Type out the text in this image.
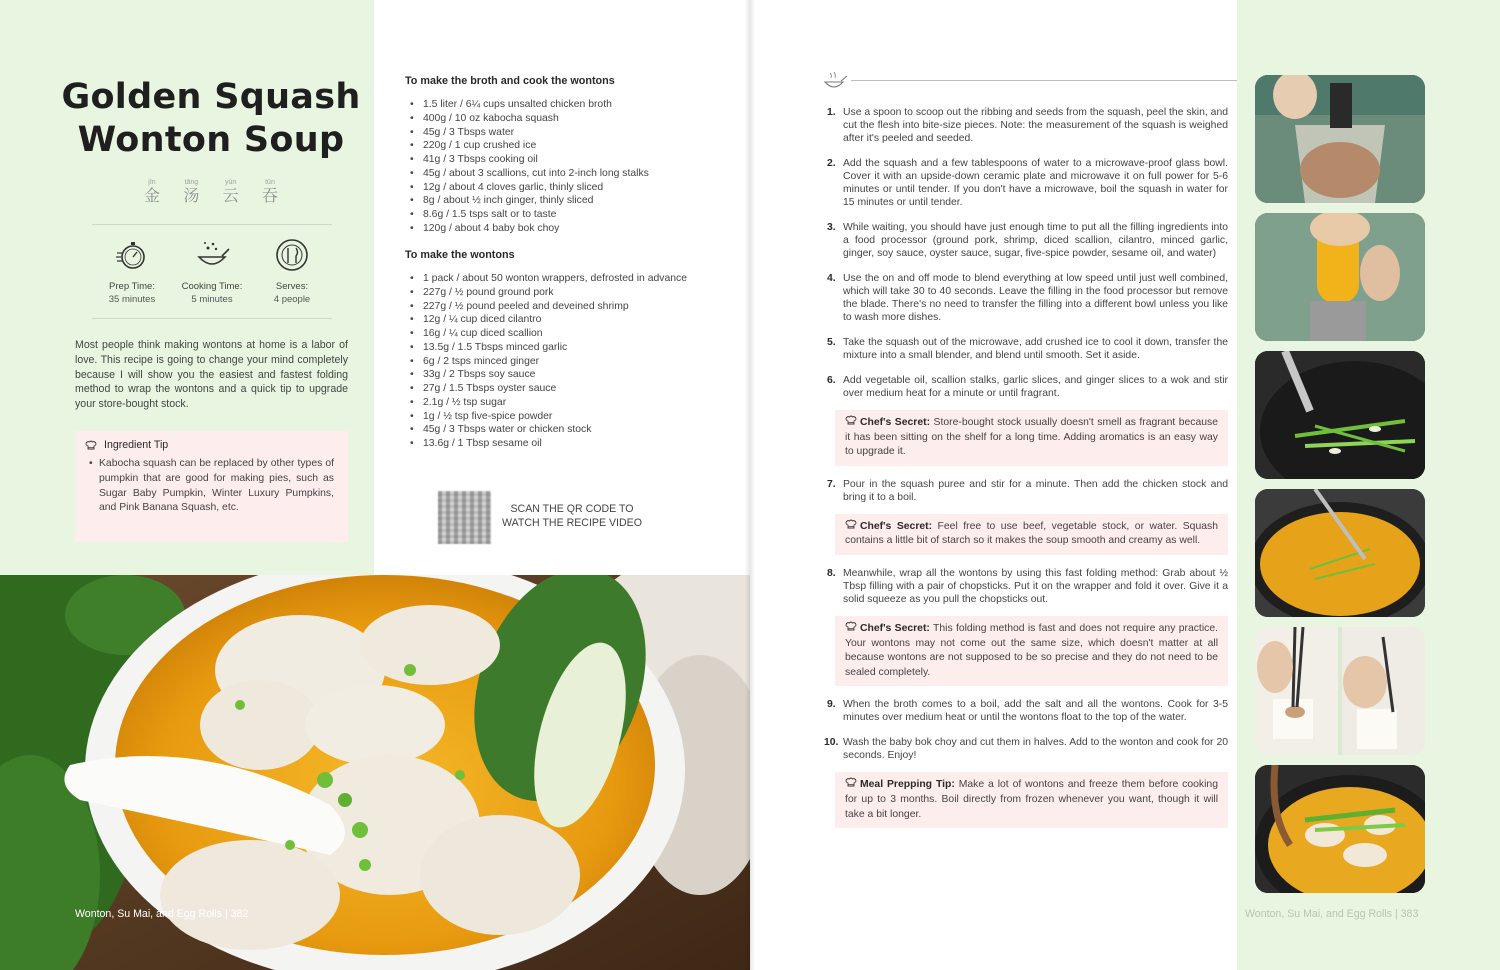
Golden Squash
Wonton Soup
jīn
金
tāng
汤
yún
云
tūn
吞
Prep Time:
35 minutes
Cooking Time:
5 minutes
Serves:
4 people

Most people think making wontons at home is a labor of love. This recipe is going to change your mind completely because I will show you the easiest and fastest folding method to wrap the wontons and a quick tip to upgrade your store-bought stock.

Ingredient Tip
• Kabocha squash can be replaced by other types of pumpkin that are good for making pies, such as Sugar Baby Pumpkin, Winter Luxury Pumpkins, and Pink Banana Squash, etc.
To make the broth and cook the wontons
• 1.5 liter / 6¼ cups unsalted chicken broth
• 400g / 10 oz kabocha squash
• 45g / 3 Tbsps water
• 220g / 1 cup crushed ice
• 41g / 3 Tbsps cooking oil
• 45g / about 3 scallions, cut into 2-inch long stalks
• 12g / about 4 cloves garlic, thinly sliced
• 8g / about ½ inch ginger, thinly sliced
• 8.6g / 1.5 tsps salt or to taste
• 120g / about 4 baby bok choy
To make the wontons
• 1 pack / about 50 wonton wrappers, defrosted in advance
• 227g / ½ pound ground pork
• 227g / ½ pound peeled and deveined shrimp
• 12g / ¼ cup diced cilantro
• 16g / ¼ cup diced scallion
• 13.5g / 1.5 Tbsps minced garlic
• 6g / 2 tsps minced ginger
• 33g / 2 Tbsps soy sauce
• 27g / 1.5 Tbsps oyster sauce
• 2.1g / ½ tsp sugar
• 1g / ½ tsp five-spice powder
• 45g / 3 Tbsps water or chicken stock
• 13.6g / 1 Tbsp sesame oil
SCAN THE QR CODE TO
WATCH THE RECIPE VIDEO
Wonton, Su Mai, and Egg Rolls | 382
1. Use a spoon to scoop out the ribbing and seeds from the squash, peel the skin, and cut the flesh into bite-size pieces. Note: the measurement of the squash is weighed after it's peeled and seeded.
2. Add the squash and a few tablespoons of water to a microwave-proof glass bowl. Cover it with an upside-down ceramic plate and microwave it on full power for 5-6 minutes or until tender. If you don't have a microwave, boil the squash in water for 15 minutes or until tender.
3. While waiting, you should have just enough time to put all the filling ingredients into a food processor (ground pork, shrimp, diced scallion, cilantro, minced garlic, ginger, soy sauce, oyster sauce, sugar, five-spice powder, sesame oil, and water)
4. Use the on and off mode to blend everything at low speed until just well combined, which will take 30 to 40 seconds. Leave the filling in the food processor but remove the blade. There's no need to transfer the filling into a different bowl unless you like to wash more dishes.
5. Take the squash out of the microwave, add crushed ice to cool it down, transfer the mixture into a small blender, and blend until smooth. Set it aside.
6. Add vegetable oil, scallion stalks, garlic slices, and ginger slices to a wok and stir over medium heat for a minute or until fragrant.
Chef's Secret: Store-bought stock usually doesn't smell as fragrant because it has been sitting on the shelf for a long time. Adding aromatics is an easy way to upgrade it.
7. Pour in the squash puree and stir for a minute. Then add the chicken stock and bring it to a boil.
Chef's Secret: Feel free to use beef, vegetable stock, or water. Squash contains a little bit of starch so it makes the soup smooth and creamy as well.
8. Meanwhile, wrap all the wontons by using this fast folding method: Grab about ½ Tbsp filling with a pair of chopsticks. Put it on the wrapper and fold it over. Give it a solid squeeze as you pull the chopsticks out.
Chef's Secret: This folding method is fast and does not require any practice. Your wontons may not come out the same size, which doesn't matter at all because wontons are not supposed to be so precise and they do not need to be sealed completely.
9. When the broth comes to a boil, add the salt and all the wontons. Cook for 3-5 minutes over medium heat or until the wontons float to the top of the water.
10. Wash the baby bok choy and cut them in halves. Add to the wonton and cook for 20 seconds. Enjoy!
Meal Prepping Tip: Make a lot of wontons and freeze them before cooking for up to 3 months. Boil directly from frozen whenever you want, though it will take a bit longer.
Wonton, Su Mai, and Egg Rolls | 383
